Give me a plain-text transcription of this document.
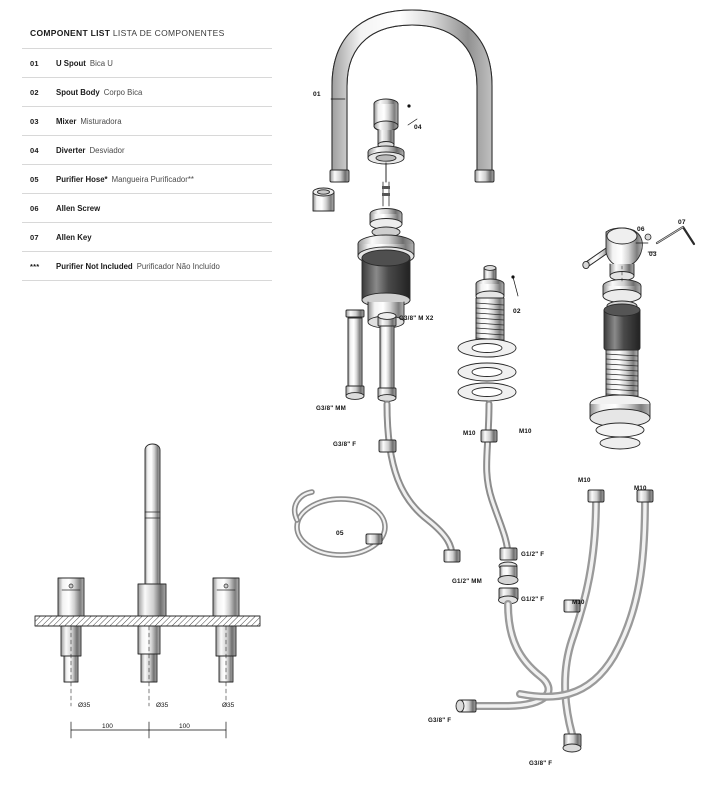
COMPONENT LIST LISTA DE COMPONENTES
01	U Spout Bica U
02	Spout Body Corpo Bica
03	Mixer Misturadora
04	Diverter Desviador
05	Purifier Hose* Mangueira Purificador**
06	Allen Screw
07	Allen Key
***	Purifier Not Included Purificador Não Incluído
01
04
02
03
06
07
05
G3/8" M X2
G3/8" MM
G3/8" F
M10	M10
M10
M10
M10
G1/2" F
G1/2" MM
G1/2" F
G3/8" F
G3/8" F
Ø35	Ø35	Ø35
100	100
